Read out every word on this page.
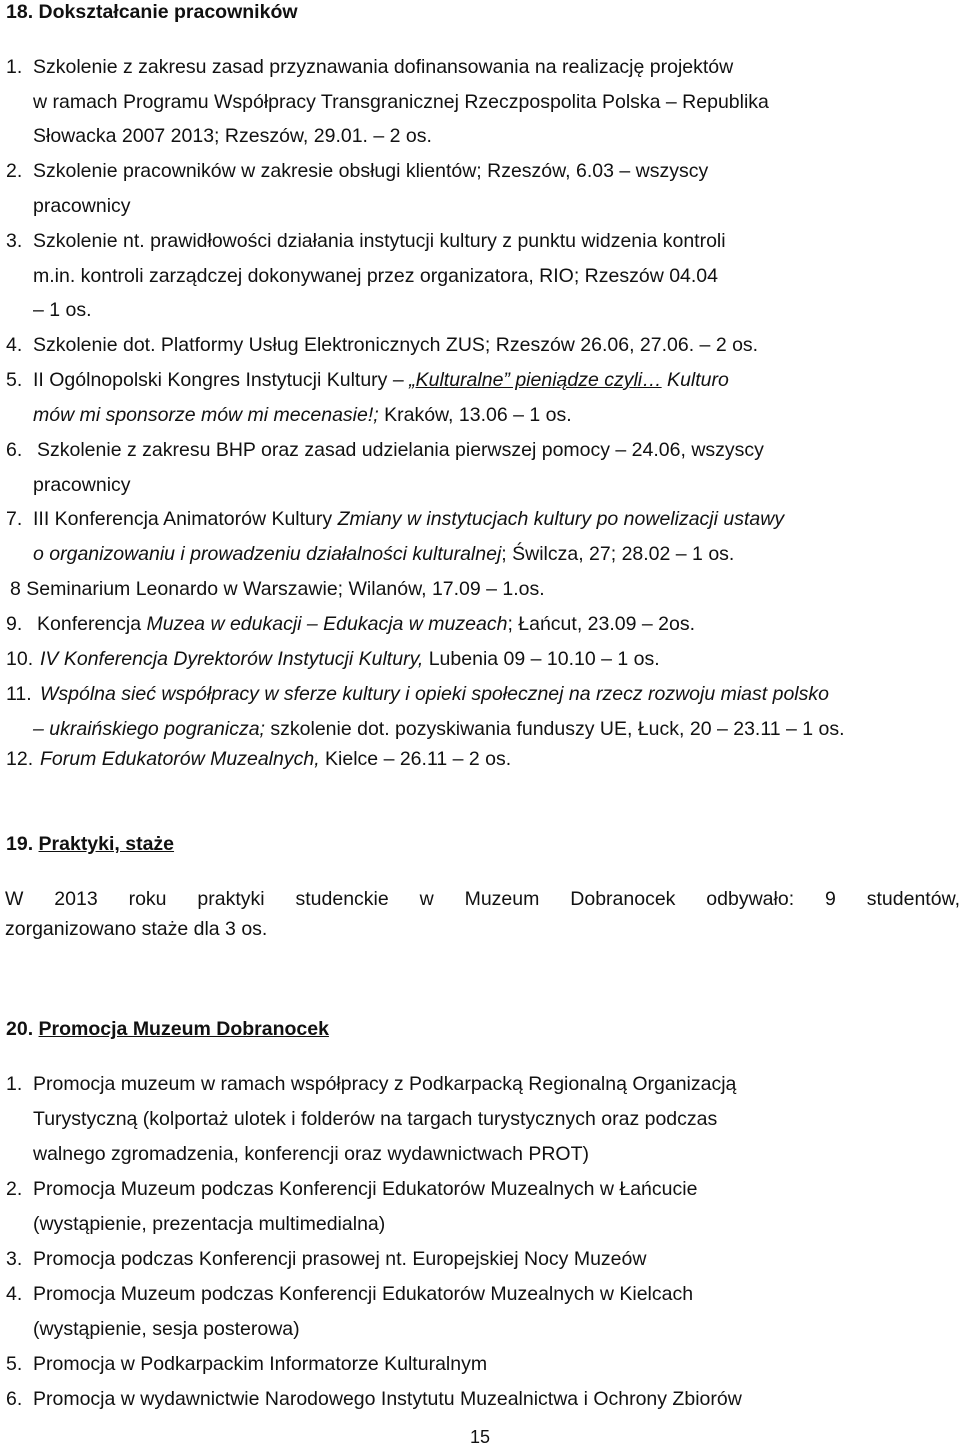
18. Dokształcanie pracowników
1. Szkolenie z zakresu zasad przyznawania dofinansowania na realizację projektów
w ramach Programu Współpracy Transgranicznej Rzeczpospolita Polska – Republika
Słowacka 2007 2013; Rzeszów, 29.01. – 2 os.
2. Szkolenie pracowników w zakresie obsługi klientów; Rzeszów, 6.03 – wszyscy
pracownicy
3. Szkolenie nt. prawidłowości działania instytucji kultury z punktu widzenia kontroli
m.in. kontroli zarządczej dokonywanej przez organizatora, RIO; Rzeszów 04.04
– 1 os.
4. Szkolenie dot. Platformy Usług Elektronicznych ZUS; Rzeszów 26.06, 27.06. – 2 os.
5. II Ogólnopolski Kongres Instytucji Kultury – „Kulturalne” pieniądze czyli… Kulturo
mów mi sponsorze mów mi mecenasie!; Kraków, 13.06 – 1 os.
6. Szkolenie z zakresu BHP oraz zasad udzielania pierwszej pomocy – 24.06, wszyscy
pracownicy
7. III Konferencja Animatorów Kultury Zmiany w instytucjach kultury po nowelizacji ustawy
o organizowaniu i prowadzeniu działalności kulturalnej; Świlcza, 27; 28.02 – 1 os.
8 Seminarium Leonardo w Warszawie; Wilanów, 17.09 – 1.os.
9. Konferencja Muzea w edukacji – Edukacja w muzeach; Łańcut, 23.09 – 2os.
10. IV Konferencja Dyrektorów Instytucji Kultury, Lubenia 09 – 10.10 – 1 os.
11. Wspólna sieć współpracy w sferze kultury i opieki społecznej na rzecz rozwoju miast polsko
– ukraińskiego pogranicza; szkolenie dot. pozyskiwania funduszy UE, Łuck, 20 – 23.11 – 1 os.
12. Forum Edukatorów Muzealnych, Kielce – 26.11 – 2 os.
19. Praktyki, staże
W 2013 roku praktyki studenckie w Muzeum Dobranocek odbywało: 9 studentów,
zorganizowano staże dla 3 os.
20. Promocja Muzeum Dobranocek
1. Promocja muzeum w ramach współpracy z Podkarpacką Regionalną Organizacją
Turystyczną (kolportaż ulotek i folderów na targach turystycznych oraz podczas
walnego zgromadzenia, konferencji oraz wydawnictwach PROT)
2. Promocja Muzeum podczas Konferencji Edukatorów Muzealnych w Łańcucie
(wystąpienie, prezentacja multimedialna)
3. Promocja podczas Konferencji prasowej nt. Europejskiej Nocy Muzeów
4. Promocja Muzeum podczas Konferencji Edukatorów Muzealnych w Kielcach
(wystąpienie, sesja posterowa)
5. Promocja w Podkarpackim Informatorze Kulturalnym
6. Promocja w wydawnictwie Narodowego Instytutu Muzealnictwa i Ochrony Zbiorów
15
